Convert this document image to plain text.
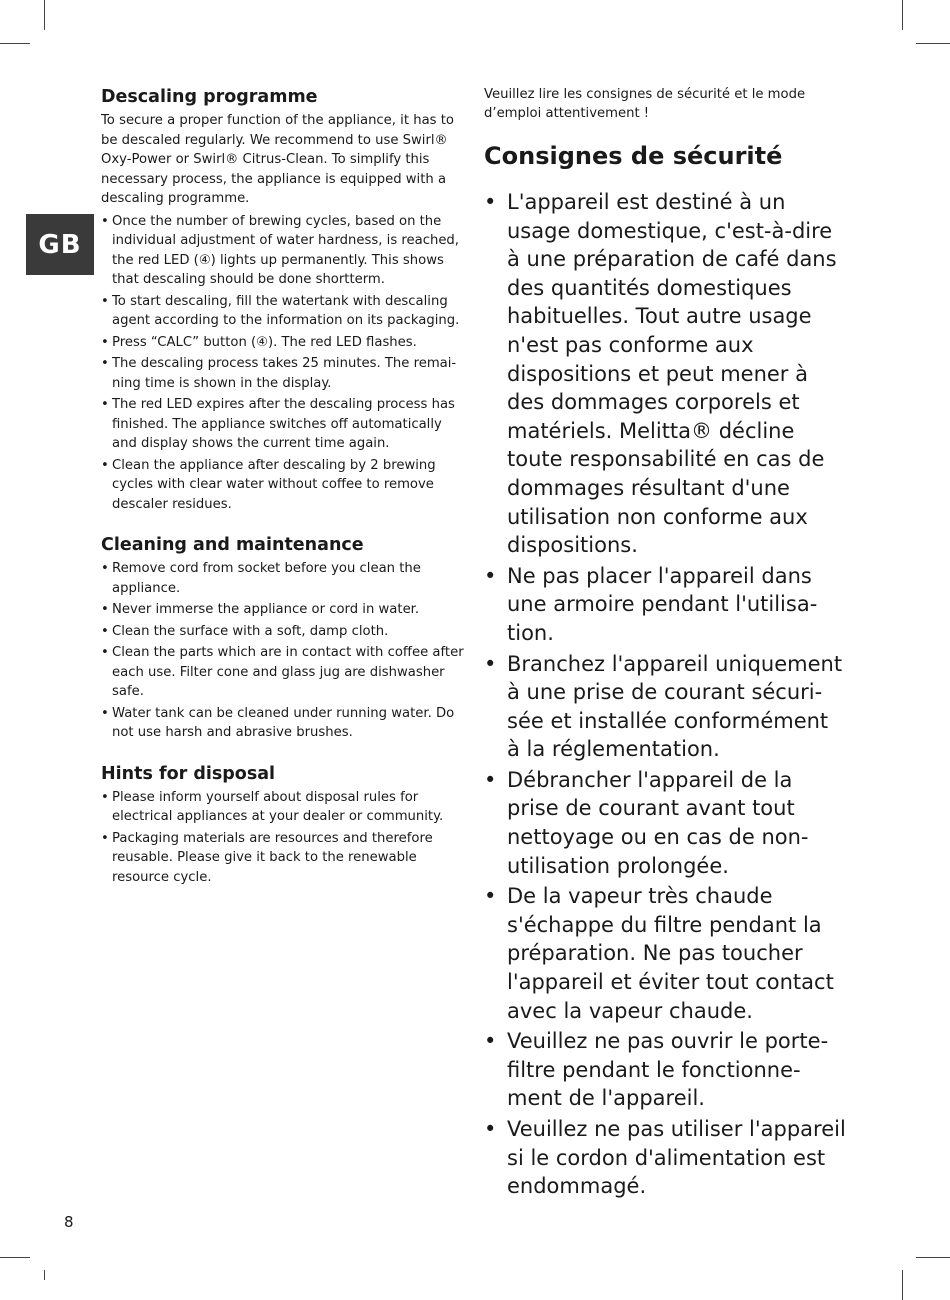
GB
Descaling programme

To secure a proper function of the appliance, it has to be descaled regularly. We recommend to use Swirl® Oxy-Power or Swirl® Citrus-Clean. To simplify this necessary process, the appliance is equipped with a descaling programme.

• Once the number of brewing cycles, based on the individual adjustment of water hardness, is reached, the red LED (④) lights up permanently. This shows that descaling should be done shortterm.
• To start descaling, fill the watertank with descaling agent according to the information on its packaging.
• Press “CALC” button (④). The red LED flashes.
• The descaling process takes 25 minutes. The remaining time is shown in the display.
• The red LED expires after the descaling process has finished. The appliance switches off automatically and display shows the current time again.
• Clean the appliance after descaling by 2 brewing cycles with clear water without coffee to remove descaler residues.
Cleaning and maintenance
• Remove cord from socket before you clean the appliance.
• Never immerse the appliance or cord in water.
• Clean the surface with a soft, damp cloth.
• Clean the parts which are in contact with coffee after each use. Filter cone and glass jug are dishwasher safe.
• Water tank can be cleaned under running water. Do not use harsh and abrasive brushes.
Hints for disposal
• Please inform yourself about disposal rules for electrical appliances at your dealer or community.
• Packaging materials are resources and therefore reusable. Please give it back to the renewable resource cycle.

Veuillez lire les consignes de sécurité et le mode d’emploi attentivement !

Consignes de sécurité
• L'appareil est destiné à un usage domestique, c'est-à-dire à une préparation de café dans des quantités domestiques habituelles. Tout autre usage n'est pas conforme aux dispositions et peut mener à des dommages corporels et matériels. Melitta® décline toute responsabilité en cas de dommages résultant d'une utilisation non conforme aux dispositions.
• Ne pas placer l'appareil dans une armoire pendant l'utilisation.
• Branchez l'appareil uniquement à une prise de courant sécurisée et installée conformément à la réglementation.
• Débrancher l'appareil de la prise de courant avant tout nettoyage ou en cas de non-utilisation prolongée.
• De la vapeur très chaude s'échappe du filtre pendant la préparation. Ne pas toucher l'appareil et éviter tout contact avec la vapeur chaude.
• Veuillez ne pas ouvrir le porte-filtre pendant le fonctionnement de l'appareil.
• Veuillez ne pas utiliser l'appareil si le cordon d'alimentation est endommagé.
8
